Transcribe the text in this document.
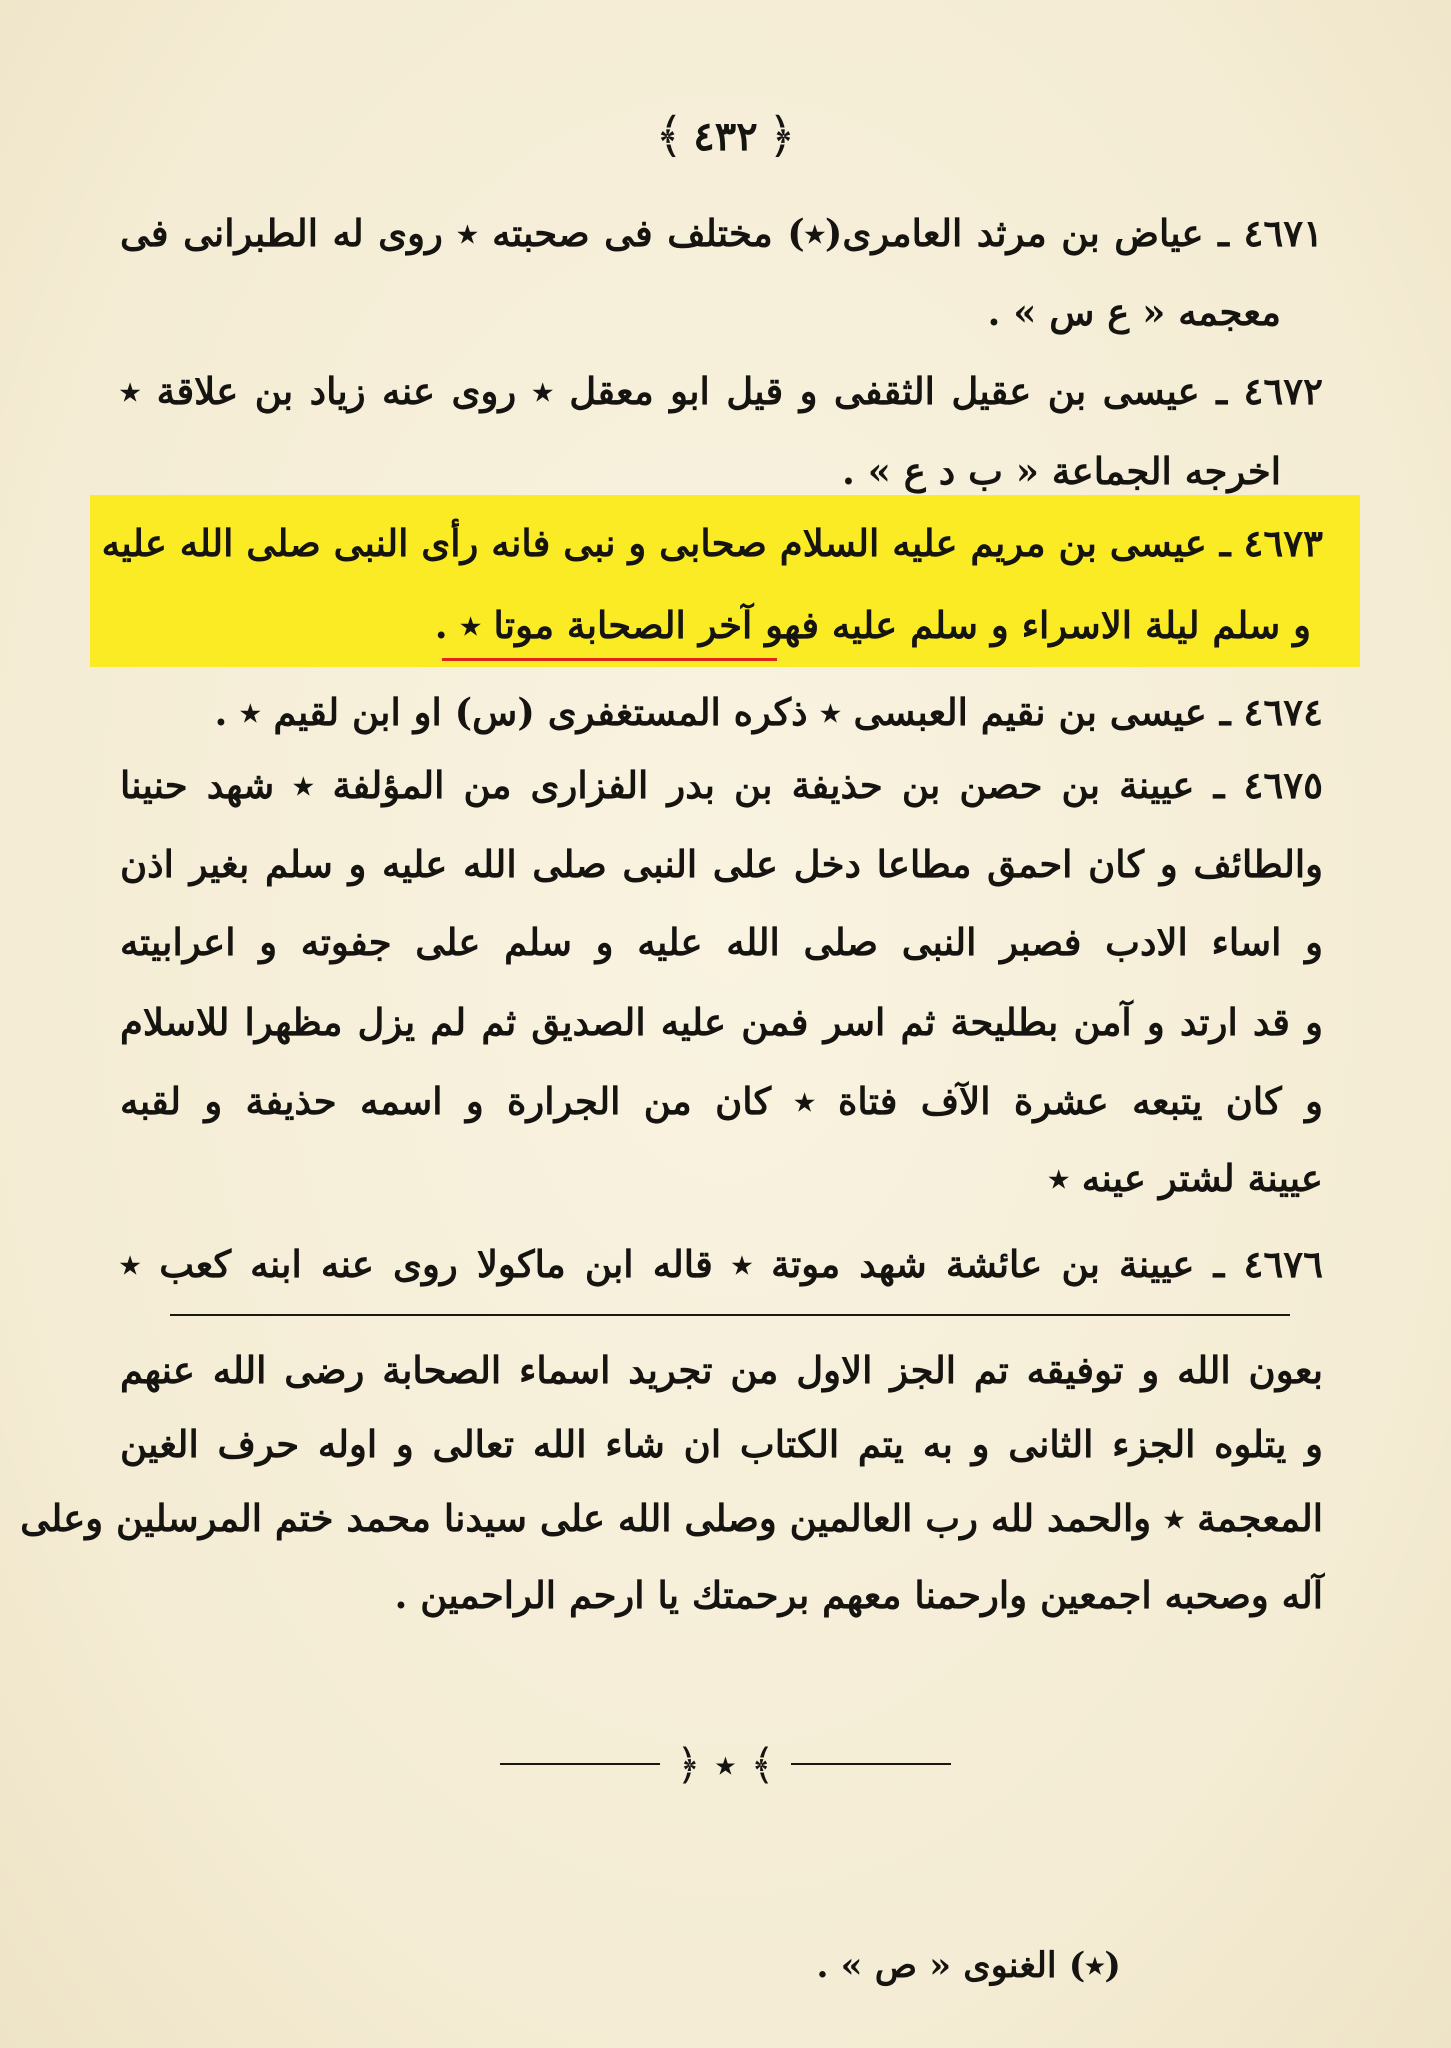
﴿٤٣٢﴾
٤٦٧١ ـ عياض بن مرثد العامرى(٭) مختلف فى صحبته ٭ روى له الطبرانى فى
معجمه « ع س » .
٤٦٧٢ ـ عيسى بن عقيل الثقفى و قيل ابو معقل ٭ روى عنه زياد بن علاقة ٭
اخرجه الجماعة « ب د ع » .
٤٦٧٣ ـ عيسى بن مريم عليه السلام صحابى و نبى فانه رأى النبى صلى الله عليه
و سلم ليلة الاسراء و سلم عليه فهو آخر الصحابة موتا ٭ .
٤٦٧٤ ـ عيسى بن نقيم العبسى ٭ ذكره المستغفرى (س) او ابن لقيم ٭ .
٤٦٧٥ ـ عيينة بن حصن بن حذيفة بن بدر الفزارى من المؤلفة ٭ شهد حنينا
والطائف و كان احمق مطاعا دخل على النبى صلى الله عليه و سلم بغير اذن
و اساء الادب فصبر النبى صلى الله عليه و سلم على جفوته و اعرابيته
و قد ارتد و آمن بطليحة ثم اسر فمن عليه الصديق ثم لم يزل مظهرا للاسلام
و كان يتبعه عشرة الآف فتاة ٭ كان من الجرارة و اسمه حذيفة و لقبه
عيينة لشتر عينه ٭
٤٦٧٦ ـ عيينة بن عائشة شهد موتة ٭ قاله ابن ماكولا روى عنه ابنه كعب ٭
بعون الله و توفيقه تم الجز الاول من تجريد اسماء الصحابة رضى الله عنهم
و يتلوه الجزء الثانى و به يتم الكتاب ان شاء الله تعالى و اوله حرف الغين
المعجمة ٭ والحمد لله رب العالمين وصلى الله على سيدنا محمد ختم المرسلين وعلى
آله وصحبه اجمعين وارحمنا معهم برحمتك يا ارحم الراحمين .
﴿ ٭ ﴾
(٭) الغنوى « ص » .
